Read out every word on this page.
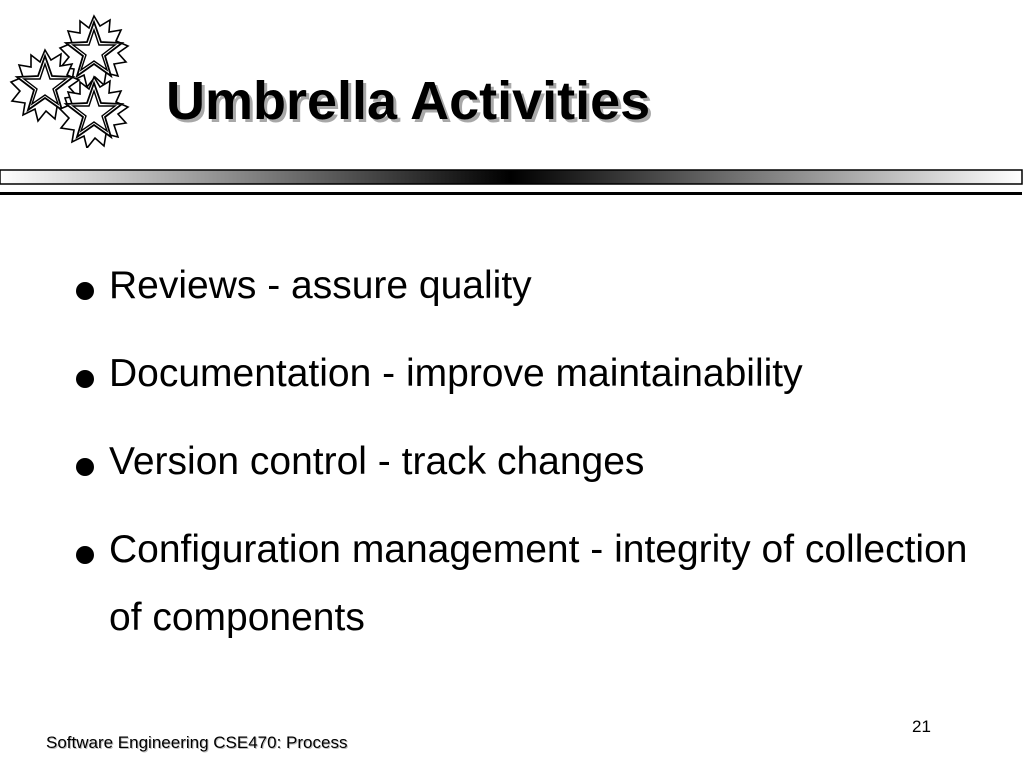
Umbrella Activities
Reviews - assure quality
Documentation - improve maintainability
Version control - track changes
Configuration management - integrity of collection of components
Software Engineering CSE470: Process
21
